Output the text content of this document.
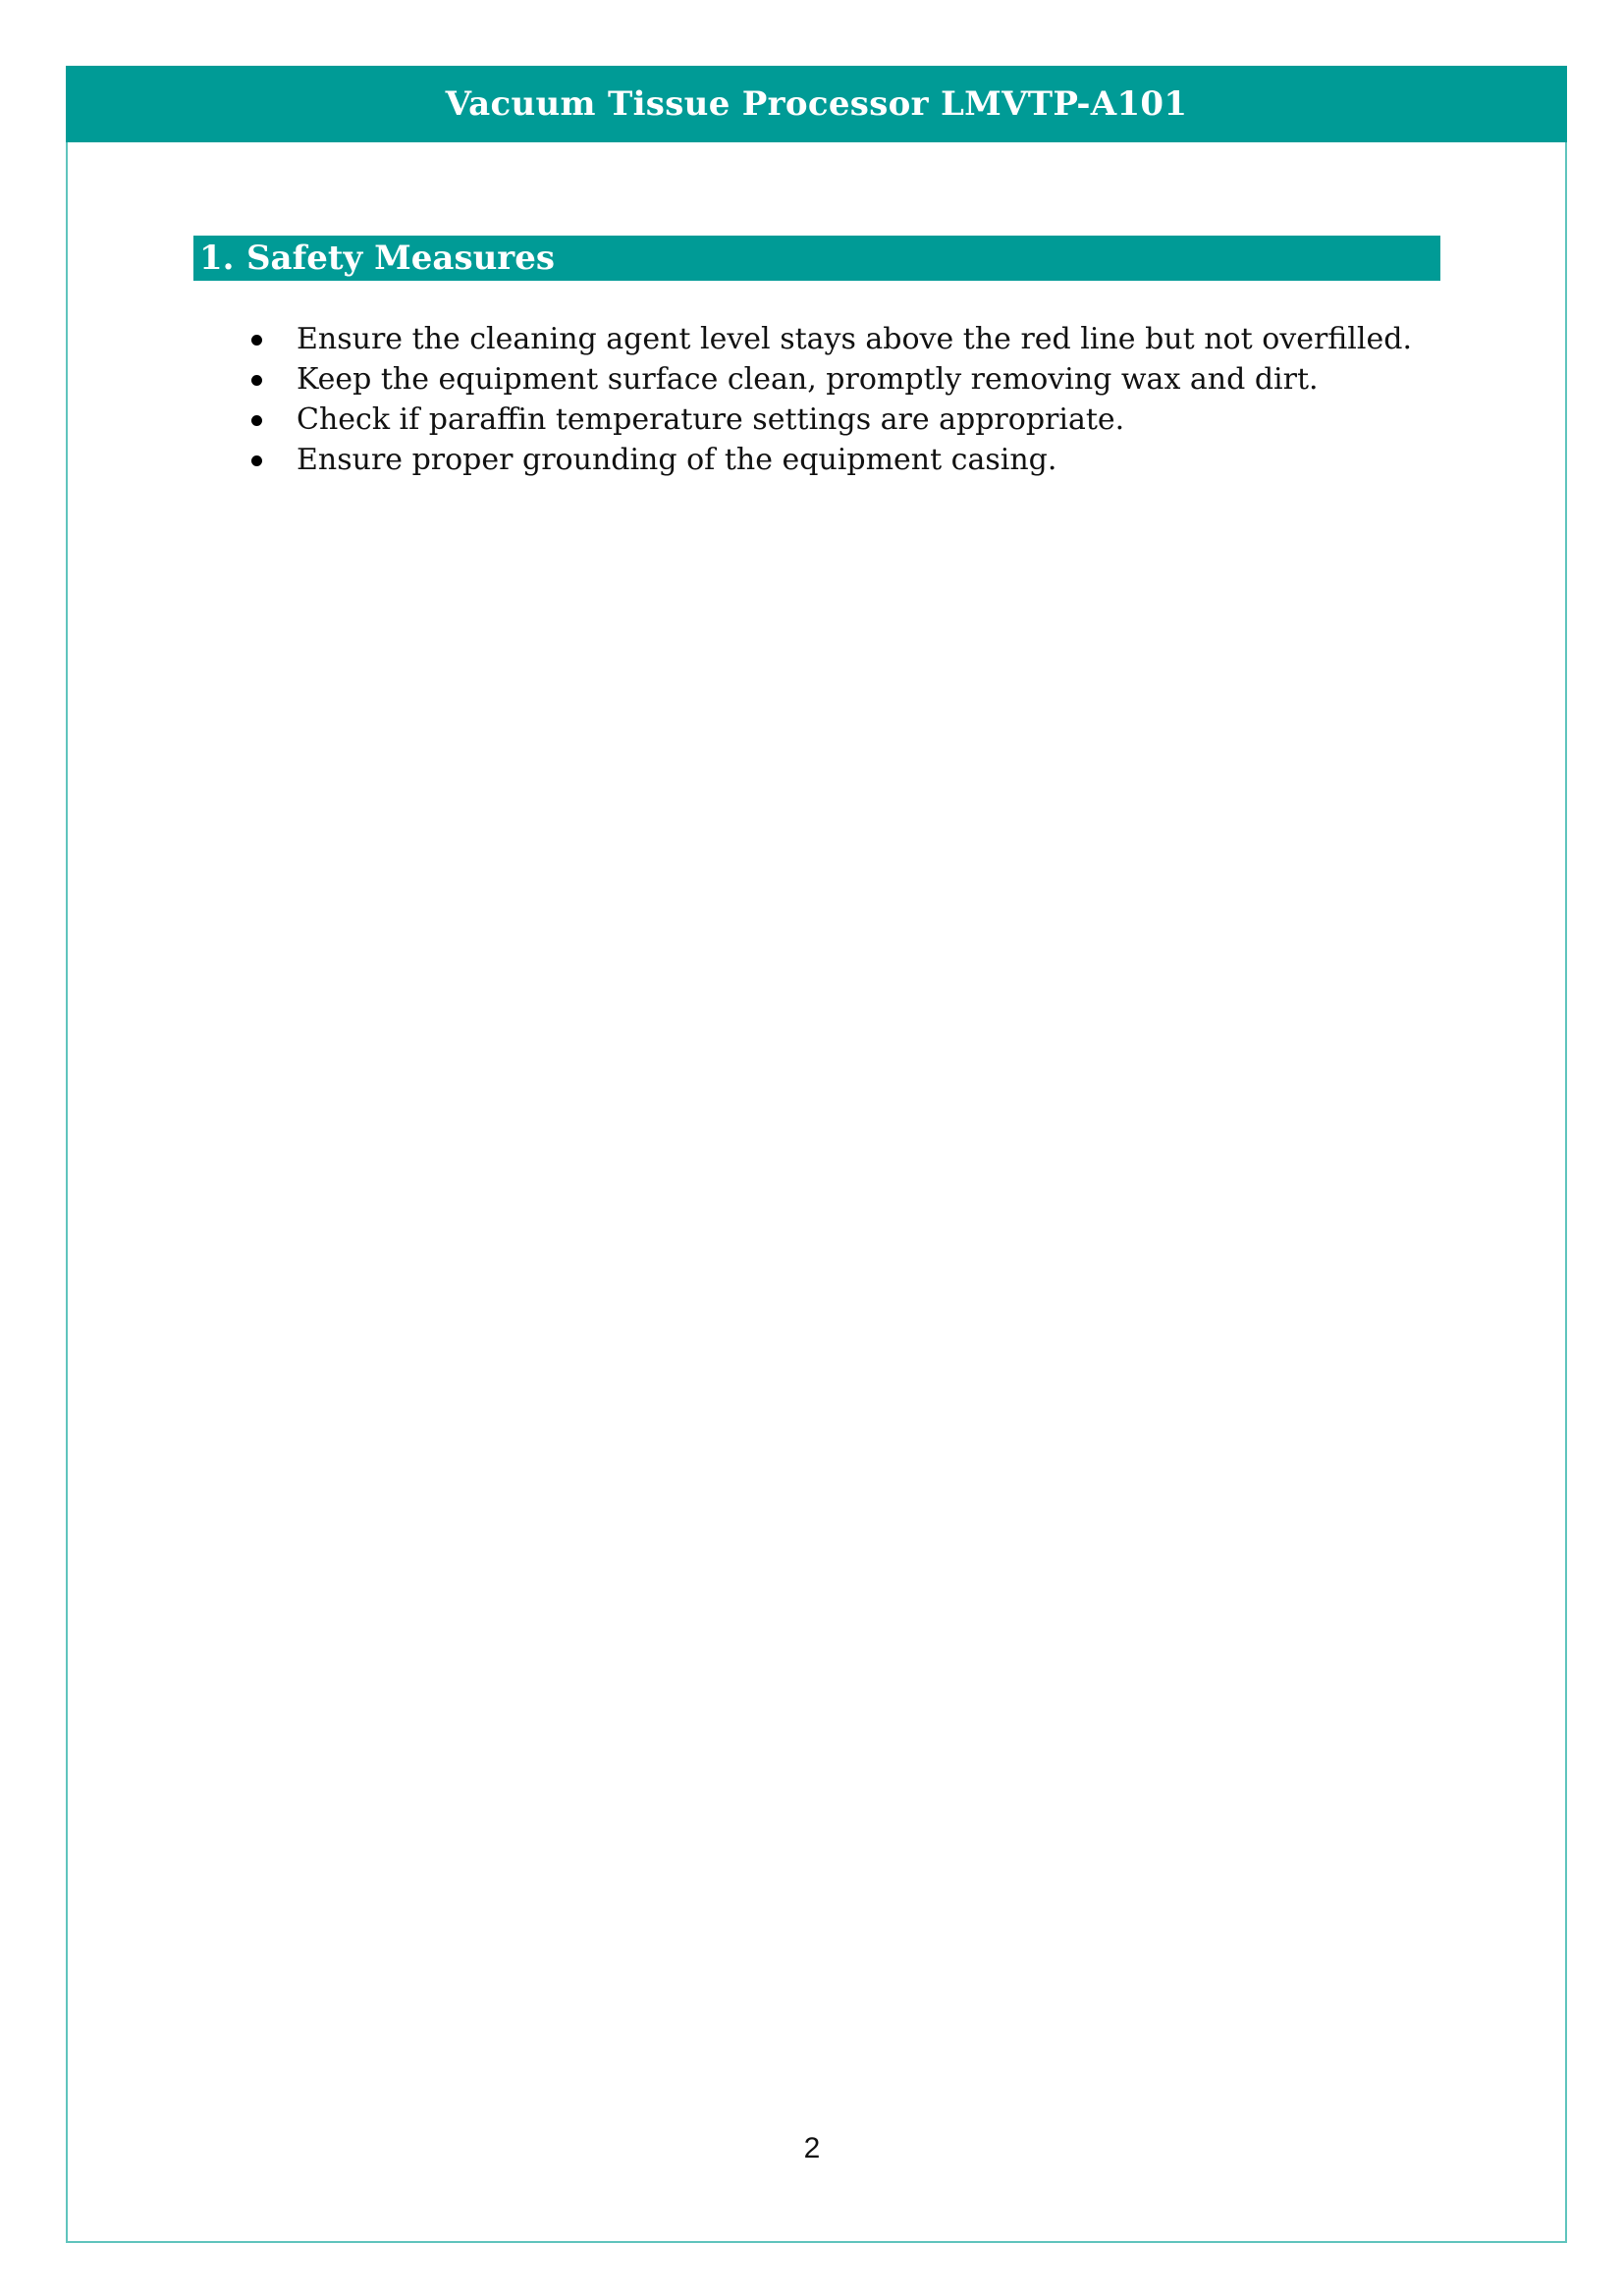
Vacuum Tissue Processor LMVTP-A101
1. Safety Measures
Ensure the cleaning agent level stays above the red line but not overfilled.
Keep the equipment surface clean, promptly removing wax and dirt.
Check if paraffin temperature settings are appropriate.
Ensure proper grounding of the equipment casing.
2
